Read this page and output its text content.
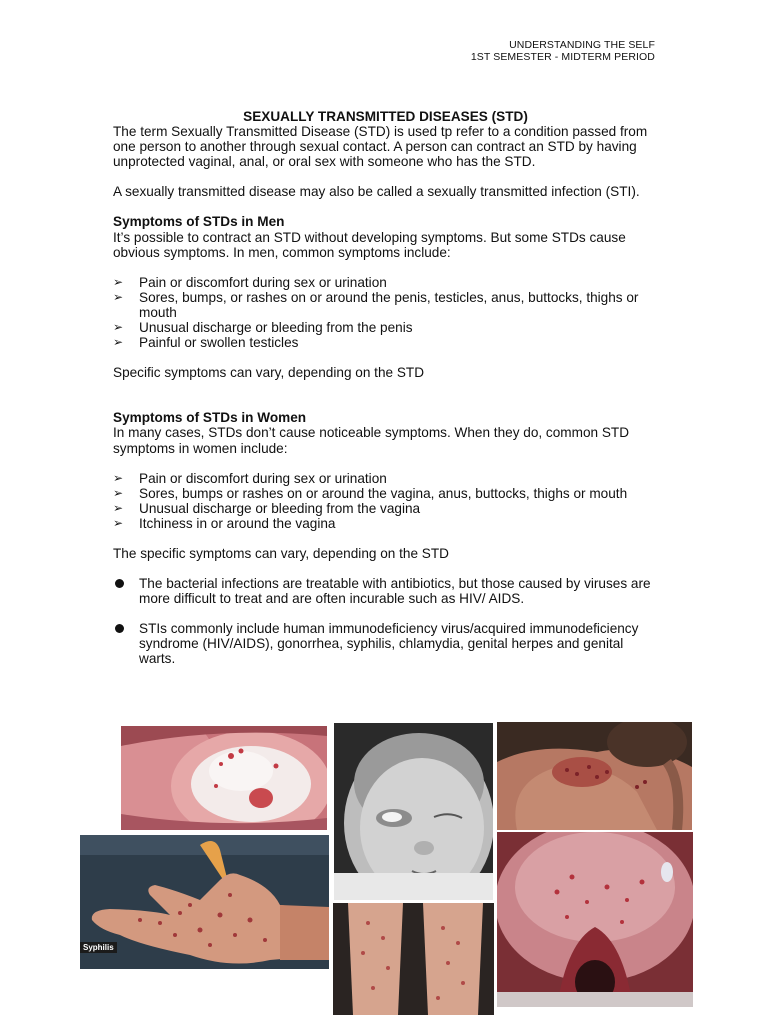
UNDERSTANDING THE SELF
1ST SEMESTER - MIDTERM PERIOD

SEXUALLY TRANSMITTED DISEASES (STD)

The term Sexually Transmitted Disease (STD) is used tp refer to a condition passed from one person to another through sexual contact. A person can contract an STD by having unprotected vaginal, anal, or oral sex with someone who has the STD.

A sexually transmitted disease may also be called a sexually transmitted infection (STI).

Symptoms of STDs in Men

It’s possible to contract an STD without developing symptoms. But some STDs cause obvious symptoms. In men, common symptoms include:

➢ Pain or discomfort during sex or urination
➢ Sores, bumps, or rashes on or around the penis, testicles, anus, buttocks, thighs or mouth
➢ Unusual discharge or bleeding from the penis
➢ Painful or swollen testicles

Specific symptoms can vary, depending on the STD

Symptoms of STDs in Women

In many cases, STDs don’t cause noticeable symptoms. When they do, common STD symptoms in women include:

➢ Pain or discomfort during sex or urination
➢ Sores, bumps or rashes on or around the vagina, anus, buttocks, thighs or mouth
➢ Unusual discharge or bleeding from the vagina
➢ Itchiness in or around the vagina

The specific symptoms can vary, depending on the STD

The bacterial infections are treatable with antibiotics, but those caused by viruses are more difficult to treat and are often incurable such as HIV/ AIDS.
STIs commonly include human immunodeficiency virus/acquired immunodeficiency syndrome (HIV/AIDS), gonorrhea, syphilis, chlamydia, genital herpes and genital warts.
Syphilis
